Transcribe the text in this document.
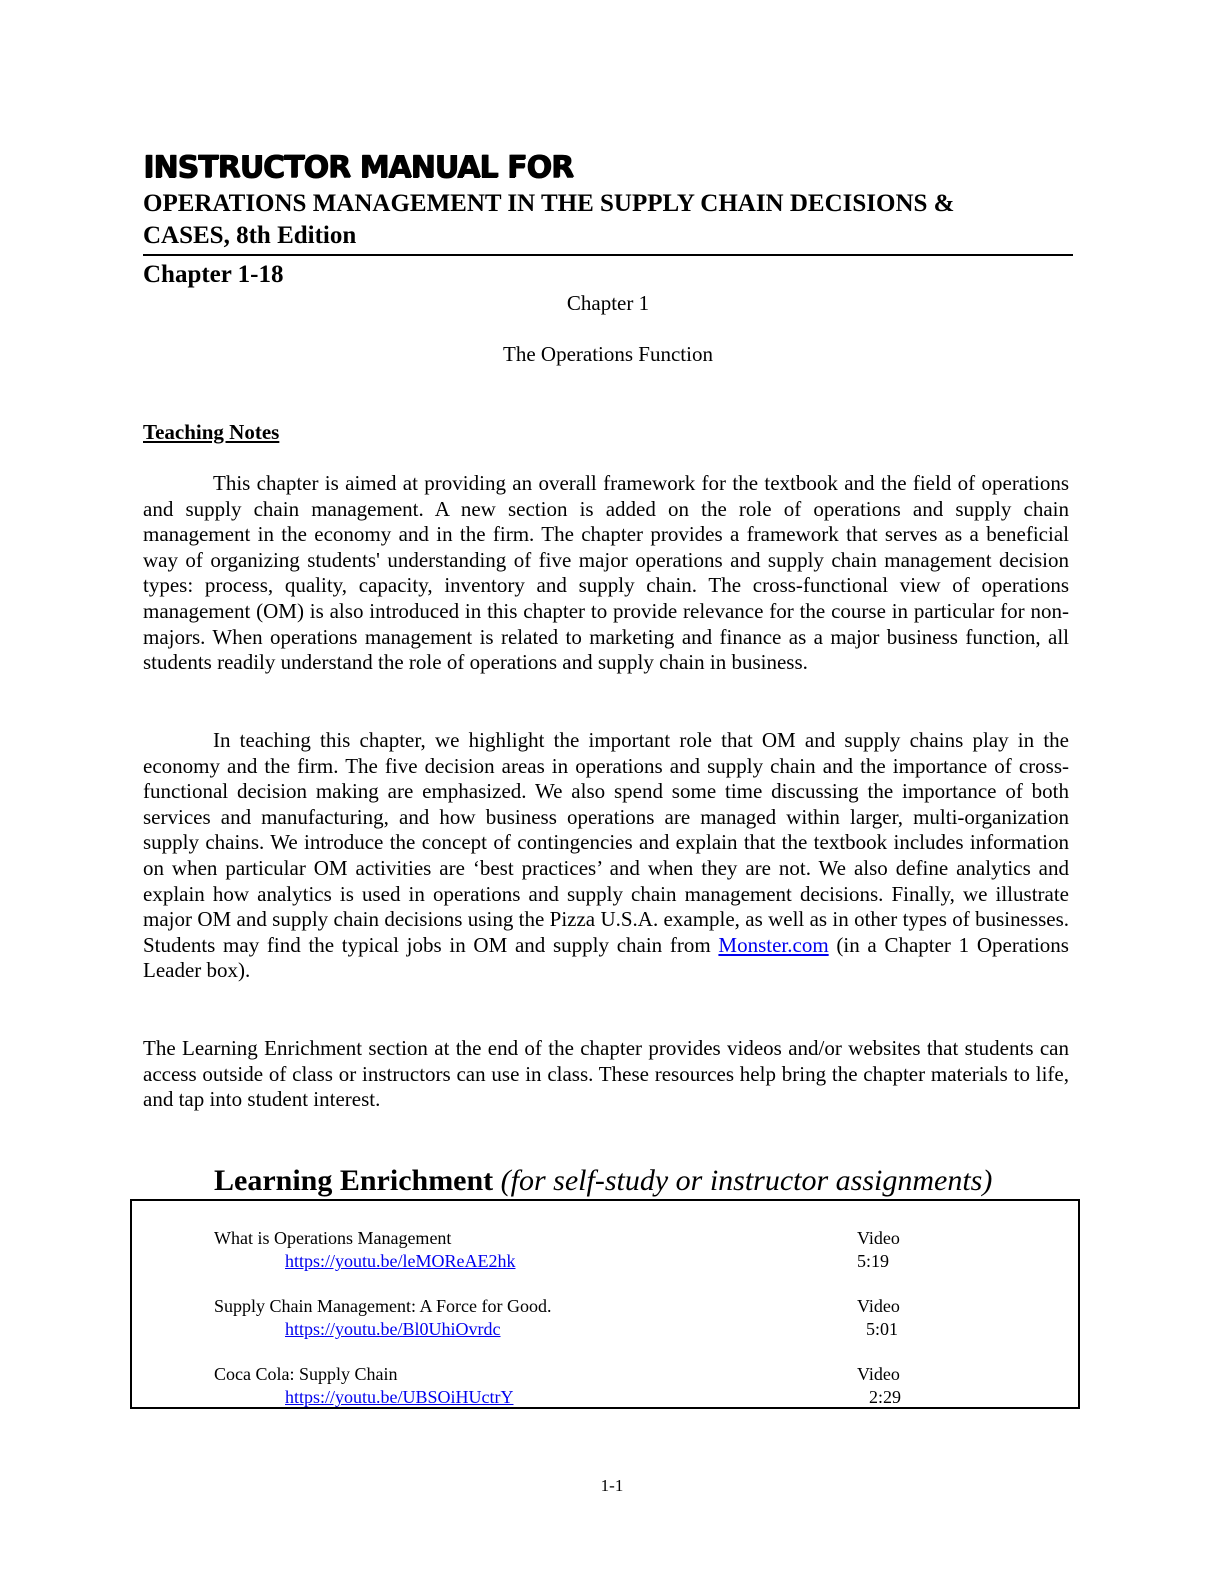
INSTRUCTOR MANUAL FOR
OPERATIONS MANAGEMENT IN THE SUPPLY CHAIN DECISIONS &
CASES, 8th Edition
Chapter 1-18
Chapter 1
The Operations Function
Teaching Notes

This chapter is aimed at providing an overall framework for the textbook and the field of operations and supply chain management. A new section is added on the role of operations and supply chain management in the economy and in the firm. The chapter provides a framework that serves as a beneficial way of organizing students' understanding of five major operations and supply chain management decision types: process, quality, capacity, inventory and supply chain. The cross-functional view of operations management (OM) is also introduced in this chapter to provide relevance for the course in particular for non-majors. When operations management is related to marketing and finance as a major business function, all students readily understand the role of operations and supply chain in business.

In teaching this chapter, we highlight the important role that OM and supply chains play in the economy and the firm. The five decision areas in operations and supply chain and the importance of cross-functional decision making are emphasized. We also spend some time discussing the importance of both services and manufacturing, and how business operations are managed within larger, multi-organization supply chains. We introduce the concept of contingencies and explain that the textbook includes information on when particular OM activities are ‘best practices’ and when they are not. We also define analytics and explain how analytics is used in operations and supply chain management decisions. Finally, we illustrate major OM and supply chain decisions using the Pizza U.S.A. example, as well as in other types of businesses. Students may find the typical jobs in OM and supply chain from Monster.com (in a Chapter 1 Operations Leader box).

The Learning Enrichment section at the end of the chapter provides videos and/or websites that students can access outside of class or instructors can use in class. These resources help bring the chapter materials to life, and tap into student interest.

Learning Enrichment (for self-study or instructor assignments)
What is Operations Management
https://youtu.be/leMOReAE2hk
Video
5:19
Supply Chain Management: A Force for Good.
https://youtu.be/Bl0UhiOvrdc
Video
5:01
Coca Cola: Supply Chain
https://youtu.be/UBSOiHUctrY
Video
2:29
1-1
